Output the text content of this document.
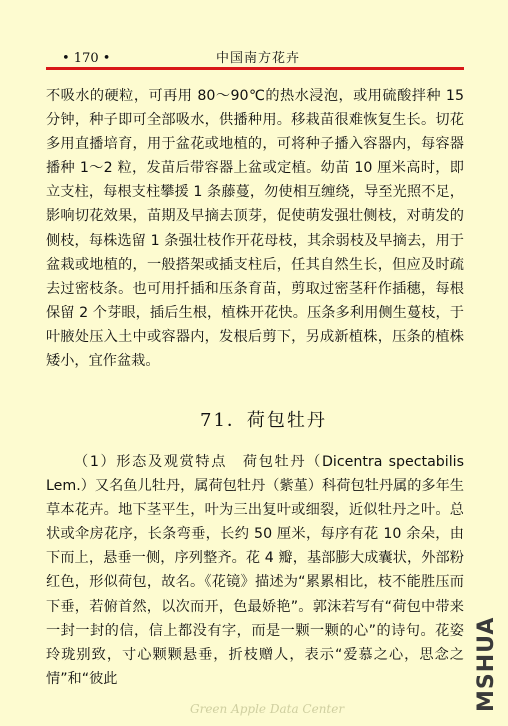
• 170 •	中国南方花卉

不吸水的硬粒，可再用 80～90℃的热水浸泡，或用硫酸拌种 15 分钟，种子即可全部吸水，供播种用。移栽苗很难恢复生长。切花多用直播培育，用于盆花或地植的，可将种子播入容器内，每容器播种 1～2 粒，发苗后带容器上盆或定植。幼苗 10 厘米高时，即立支柱，每根支柱攀援 1 条藤蔓，勿使相互缠绕，导至光照不足，影响切花效果，苗期及早摘去顶芽，促使萌发强壮侧枝，对萌发的侧枝，每株选留 1 条强壮枝作开花母枝，其余弱枝及早摘去，用于盆栽或地植的，一般搭架或插支柱后，任其自然生长，但应及时疏去过密枝条。也可用扦插和压条育苗，剪取过密茎秆作插穗，每根保留 2 个芽眼，插后生根，植株开花快。压条多利用侧生蔓枝，于叶腋处压入土中或容器内，发根后剪下，另成新植株，压条的植株矮小，宜作盆栽。

71．荷包牡丹

（1）形态及观赏特点　荷包牡丹（Dicentra spectabilis Lem.）又名鱼儿牡丹，属荷包牡丹（紫堇）科荷包牡丹属的多年生草本花卉。地下茎平生，叶为三出复叶或细裂，近似牡丹之叶。总状或伞房花序，长条弯垂，长约 50 厘米，每序有花 10 余朵，由下而上，悬垂一侧，序列整齐。花 4 瓣，基部膨大成囊状，外部粉红色，形似荷包，故名。《花镜》描述为“累累相比，枝不能胜压而下垂，若俯首然，以次而开，色最娇艳”。郭沫若写有“荷包中带来一封一封的信，信上都没有字，而是一颗一颗的心”的诗句。花姿玲珑别致，寸心颗颗悬垂，折枝赠人，表示“爱慕之心，思念之情”和“彼此	MSHUA
Green Apple Data Center
